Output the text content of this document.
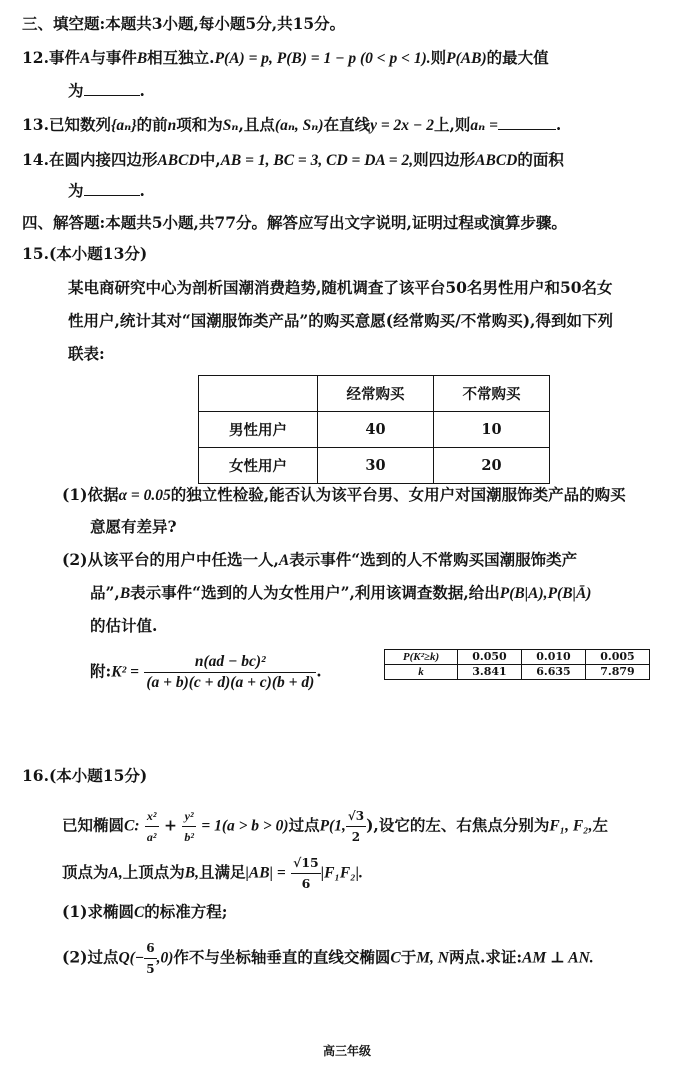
三、填空题:本题共3小题,每小题5分,共15分。
12.事件A与事件B相互独立.P(A) = p, P(B) = 1 − p (0 < p < 1).则P(AB)的最大值
为	.
13.已知数列{aₙ}的前n项和为Sₙ,且点(aₙ, Sₙ)在直线y = 2x − 2上,则aₙ =	.
14.在圆内接四边形ABCD中,AB = 1, BC = 3, CD = DA = 2,则四边形ABCD的面积
为	.
四、解答题:本题共5小题,共77分。解答应写出文字说明,证明过程或演算步骤。
15.(本小题13分)
某电商研究中心为剖析国潮消费趋势,随机调查了该平台50名男性用户和50名女
性用户,统计其对“国潮服饰类产品”的购买意愿(经常购买/不常购买),得到如下列
联表:
	经常购买	不常购买
男性用户	40	10
女性用户	30	20
(1)依据α = 0.05的独立性检验,能否认为该平台男、女用户对国潮服饰类产品的购买
意愿有差异?
(2)从该平台的用户中任选一人,A表示事件“选到的人不常购买国潮服饰类产
品”,B表示事件“选到的人为女性用户”,利用该调查数据,给出P(B|A),P(B|Ā)
的估计值.
附:K² = $\frac{\text{n(ad − bc)²}}{(a + b)(c + d)(a + c)(b + d)}$ .
P(K²≥k)	0.050	0.010	0.005
k	3.841	6.635	7.879
16.(本小题15分)
已知椭圆C: $\frac{\text{x²}}{\text{a²}} + \frac{\text{y²}}{\text{b²}} = 1(a > b > 0)$过点P(1, $\frac{√3}{2}$ ),设它的左、右焦点分别为F₁, F₂,左
顶点为A,上顶点为B,且满足$|AB| = \frac{√15}{6} |F_1F_2|$.
(1)求椭圆C的标准方程;
(2)过点$Q(- \frac{6}{5} ,0)$作不与坐标轴垂直的直线交椭圆C于M, N两点.求证:AM ⊥ AN.
高三年级
